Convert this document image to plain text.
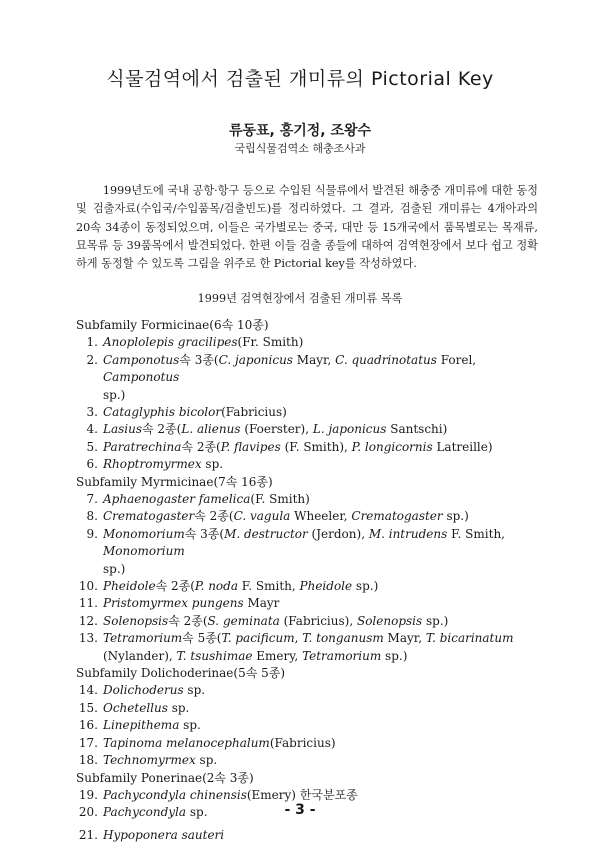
식물검역에서 검출된 개미류의 Pictorial Key
류동표, 홍기정, 조왕수
국립식물검역소 해충조사과

1999년도에 국내 공항·항구 등으로 수입된 식물류에서 발견된 해충중 개미류에 대한 동정 및 검출자료(수입국/수입품목/검출빈도)를 정리하였다. 그 결과, 검출된 개미류는 4개아과의 20속 34종이 동정되었으며, 이들은 국가별로는 중국, 대만 등 15개국에서 품목별로는 목재류, 묘목류 등 39품목에서 발견되었다. 한편 이들 검출 종들에 대하여 검역현장에서 보다 쉽고 정확하게 동정할 수 있도록 그림을 위주로 한 Pictorial key를 작성하였다.

1999년 검역현장에서 검출된 개미류 목록
Subfamily Formicinae(6속 10종)
1. Anoplolepis gracilipes(Fr. Smith)
2. Camponotus속 3종(C. japonicus Mayr, C. quadrinotatus Forel, Camponotus
sp.)
3. Cataglyphis bicolor(Fabricius)
4. Lasius속 2종(L. alienus (Foerster), L. japonicus Santschi)
5. Paratrechina속 2종(P. flavipes (F. Smith), P. longicornis Latreille)
6. Rhoptromyrmex sp.
Subfamily Myrmicinae(7속 16종)
7. Aphaenogaster famelica(F. Smith)
8. Crematogaster속 2종(C. vagula Wheeler, Crematogaster sp.)
9. Monomorium속 3종(M. destructor (Jerdon), M. intrudens F. Smith, Monomorium
sp.)
10. Pheidole속 2종(P. noda F. Smith, Pheidole sp.)
11. Pristomyrmex pungens Mayr
12. Solenopsis속 2종(S. geminata (Fabricius), Solenopsis sp.)
13. Tetramorium속 5종(T. pacificum, T. tonganusm Mayr, T. bicarinatum
(Nylander), T. tsushimae Emery, Tetramorium sp.)
Subfamily Dolichoderinae(5속 5종)
14. Dolichoderus sp.
15. Ochetellus sp.
16. Linepithema sp.
17. Tapinoma melanocephalum(Fabricius)
18. Technomyrmex sp.
Subfamily Ponerinae(2속 3종)
19. Pachycondyla chinensis(Emery) 한국분포종
20. Pachycondyla sp.
21. Hypoponera sauteri
- 3 -
